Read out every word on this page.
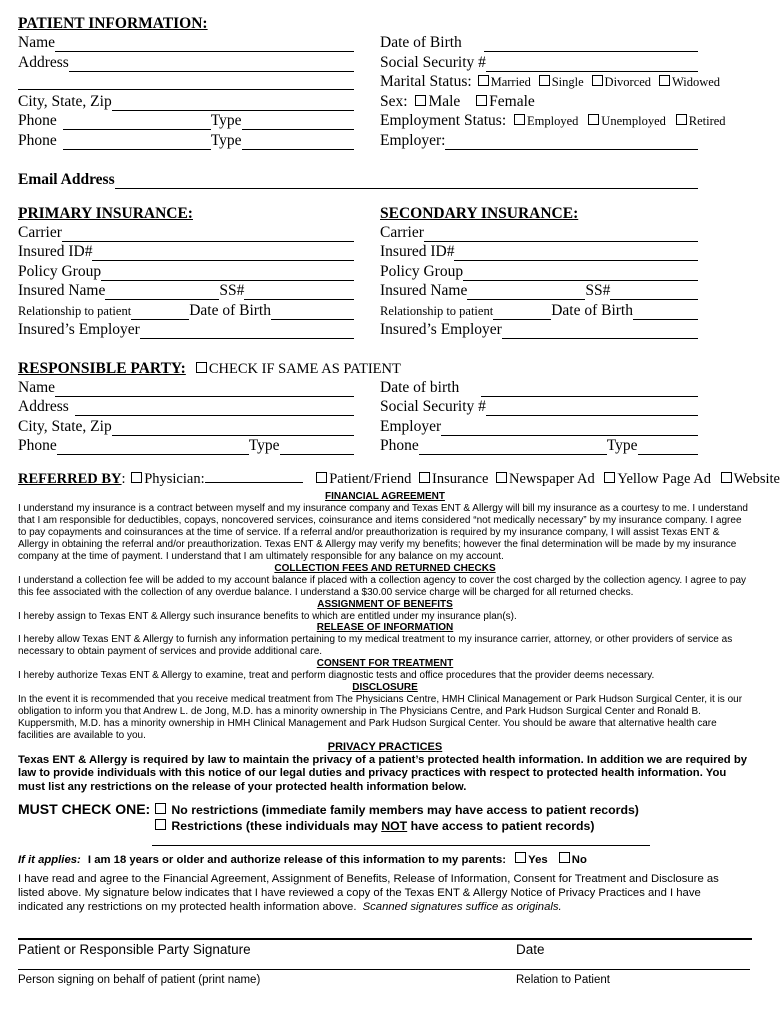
PATIENT INFORMATION:
Name
Address
City, State, Zip
Phone	Type
Phone	Type
Date of Birth
Social Security #
Marital Status: Married Single Divorced Widowed
Sex: Male Female
Employment Status: Employed Unemployed Retired
Employer:
Email Address
PRIMARY INSURANCE:	SECONDARY INSURANCE:
Carrier
Insured ID#
Policy Group
Insured Name	SS#
Relationship to patient	Date of Birth
Insured’s Employer
Carrier
Insured ID#
Policy Group
Insured Name	SS#
Relationship to patient	Date of Birth
Insured’s Employer
RESPONSIBLE PARTY: CHECK IF SAME AS PATIENT
Name
Address
City, State, Zip
Phone	Type
Date of birth
Social Security #
Employer
Phone	Type
REFERRED BY: Physician:	Patient/Friend Insurance Newspaper Ad Yellow Page Ad Website
FINANCIAL AGREEMENT
I understand my insurance is a contract between myself and my insurance company and Texas ENT & Allergy will bill my insurance as a courtesy to me. I understand that I am responsible for deductibles, copays, noncovered services, coinsurance and items considered “not medically necessary” by my insurance company. I agree to pay copayments and coinsurances at the time of service. If a referral and/or preauthorization is required by my insurance company, I will assist Texas ENT & Allergy in obtaining the referral and/or preauthorization. Texas ENT & Allergy may verify my benefits; however the final determination will be made by my insurance company at the time of payment. I understand that I am ultimately responsible for any balance on my account.
COLLECTION FEES AND RETURNED CHECKS
I understand a collection fee will be added to my account balance if placed with a collection agency to cover the cost charged by the collection agency. I agree to pay this fee associated with the collection of any overdue balance. I understand a $30.00 service charge will be charged for all returned checks.
ASSIGNMENT OF BENEFITS
I hereby assign to Texas ENT & Allergy such insurance benefits to which are entitled under my insurance plan(s).
RELEASE OF INFORMATION
I hereby allow Texas ENT & Allergy to furnish any information pertaining to my medical treatment to my insurance carrier, attorney, or other providers of service as necessary to obtain payment of services and provide additional care.
CONSENT FOR TREATMENT
I hereby authorize Texas ENT & Allergy to examine, treat and perform diagnostic tests and office procedures that the provider deems necessary.
DISCLOSURE
In the event it is recommended that you receive medical treatment from The Physicians Centre, HMH Clinical Management or Park Hudson Surgical Center, it is our obligation to inform you that Andrew L. de Jong, M.D. has a minority ownership in The Physicians Centre, and Park Hudson Surgical Center and Ronald B. Kuppersmith, M.D. has a minority ownership in HMH Clinical Management and Park Hudson Surgical Center. You should be aware that alternative health care facilities are available to you.
PRIVACY PRACTICES
Texas ENT & Allergy is required by law to maintain the privacy of a patient’s protected health information. In addition we are required by law to provide individuals with this notice of our legal duties and privacy practices with respect to protected health information. You must list any restrictions on the release of your protected health information below.
MUST CHECK ONE:	No restrictions (immediate family members may have access to patient records)
Restrictions (these individuals may NOT have access to patient records)
If it applies: I am 18 years or older and authorize release of this information to my parents: Yes No
I have read and agree to the Financial Agreement, Assignment of Benefits, Release of Information, Consent for Treatment and Disclosure as listed above. My signature below indicates that I have reviewed a copy of the Texas ENT & Allergy Notice of Privacy Practices and I have indicated any restrictions on my protected health information above. Scanned signatures suffice as originals.
Patient or Responsible Party Signature	Date
Person signing on behalf of patient (print name)	Relation to Patient
